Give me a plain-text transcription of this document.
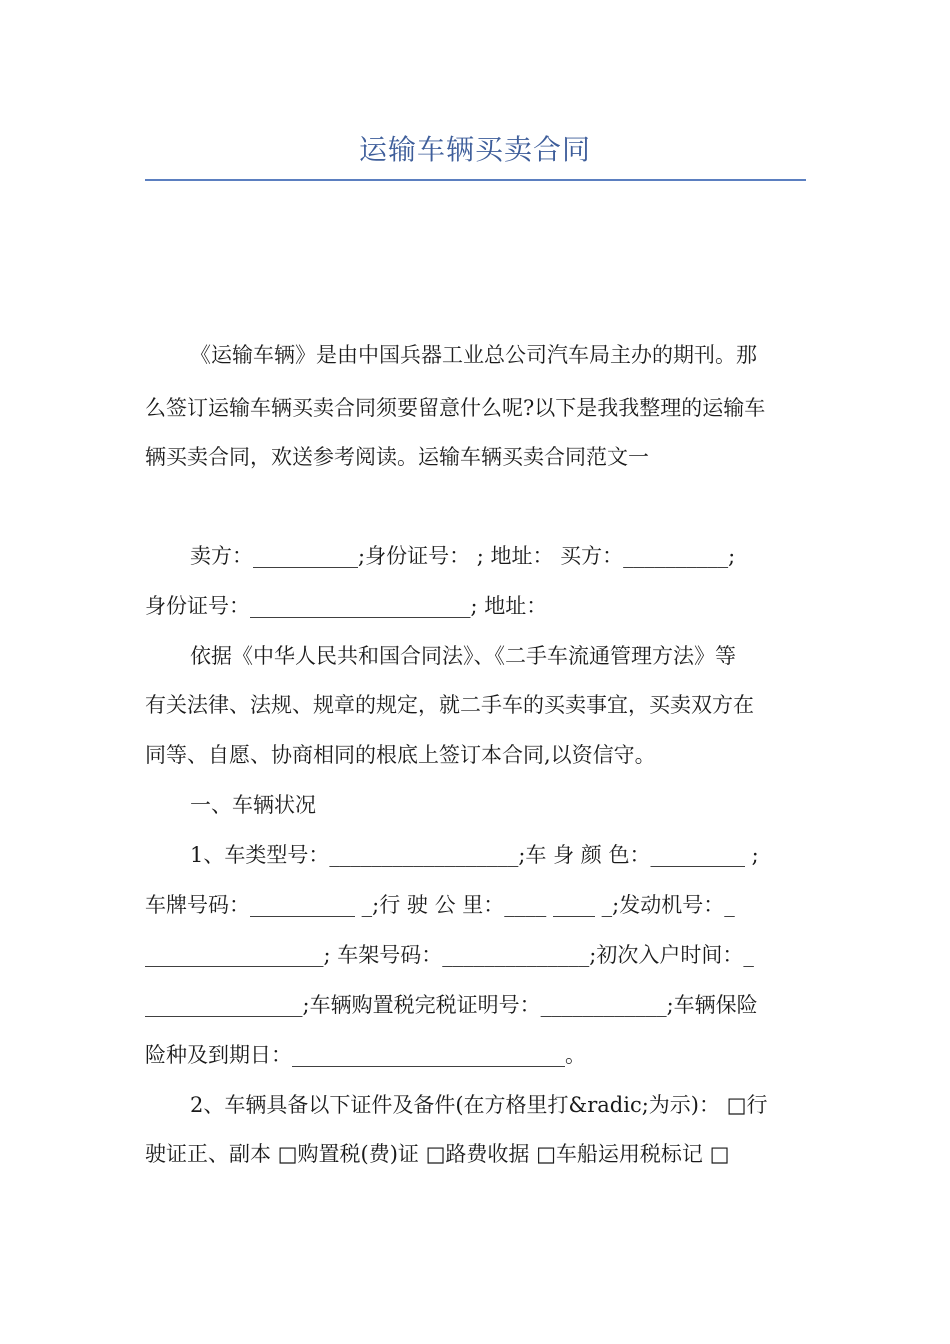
运输车辆买卖合同

《运输车辆》是由中国兵器工业总公司汽车局主办的期刊。那

么签订运输车辆买卖合同须要留意什么呢?以下是我我整理的运输车

辆买卖合同，欢送参考阅读。运输车辆买卖合同范文一

卖方：__________;身份证号： ; 地址： 买方：__________;

身份证号：_____________________; 地址：

依据《中华人民共和国合同法》、《二手车流通管理方法》等

有关法律、法规、规章的规定，就二手车的买卖事宜，买卖双方在

同等、自愿、协商相同的根底上签订本合同,以资信守。

一、车辆状况

1、车类型号：__________________;车 身 颜 色：_________ ;

车牌号码：__________ _;行 驶 公 里：____ ____ _;发动机号：_

_________________; 车架号码：______________;初次入户时间：_

_______________;车辆购置税完税证明号：____________;车辆保险

险种及到期日：__________________________。

2、车辆具备以下证件及备件(在方格里打&radic;为示)： □行

驶证正、副本 □购置税(费)证 □路费收据 □车船运用税标记 □
